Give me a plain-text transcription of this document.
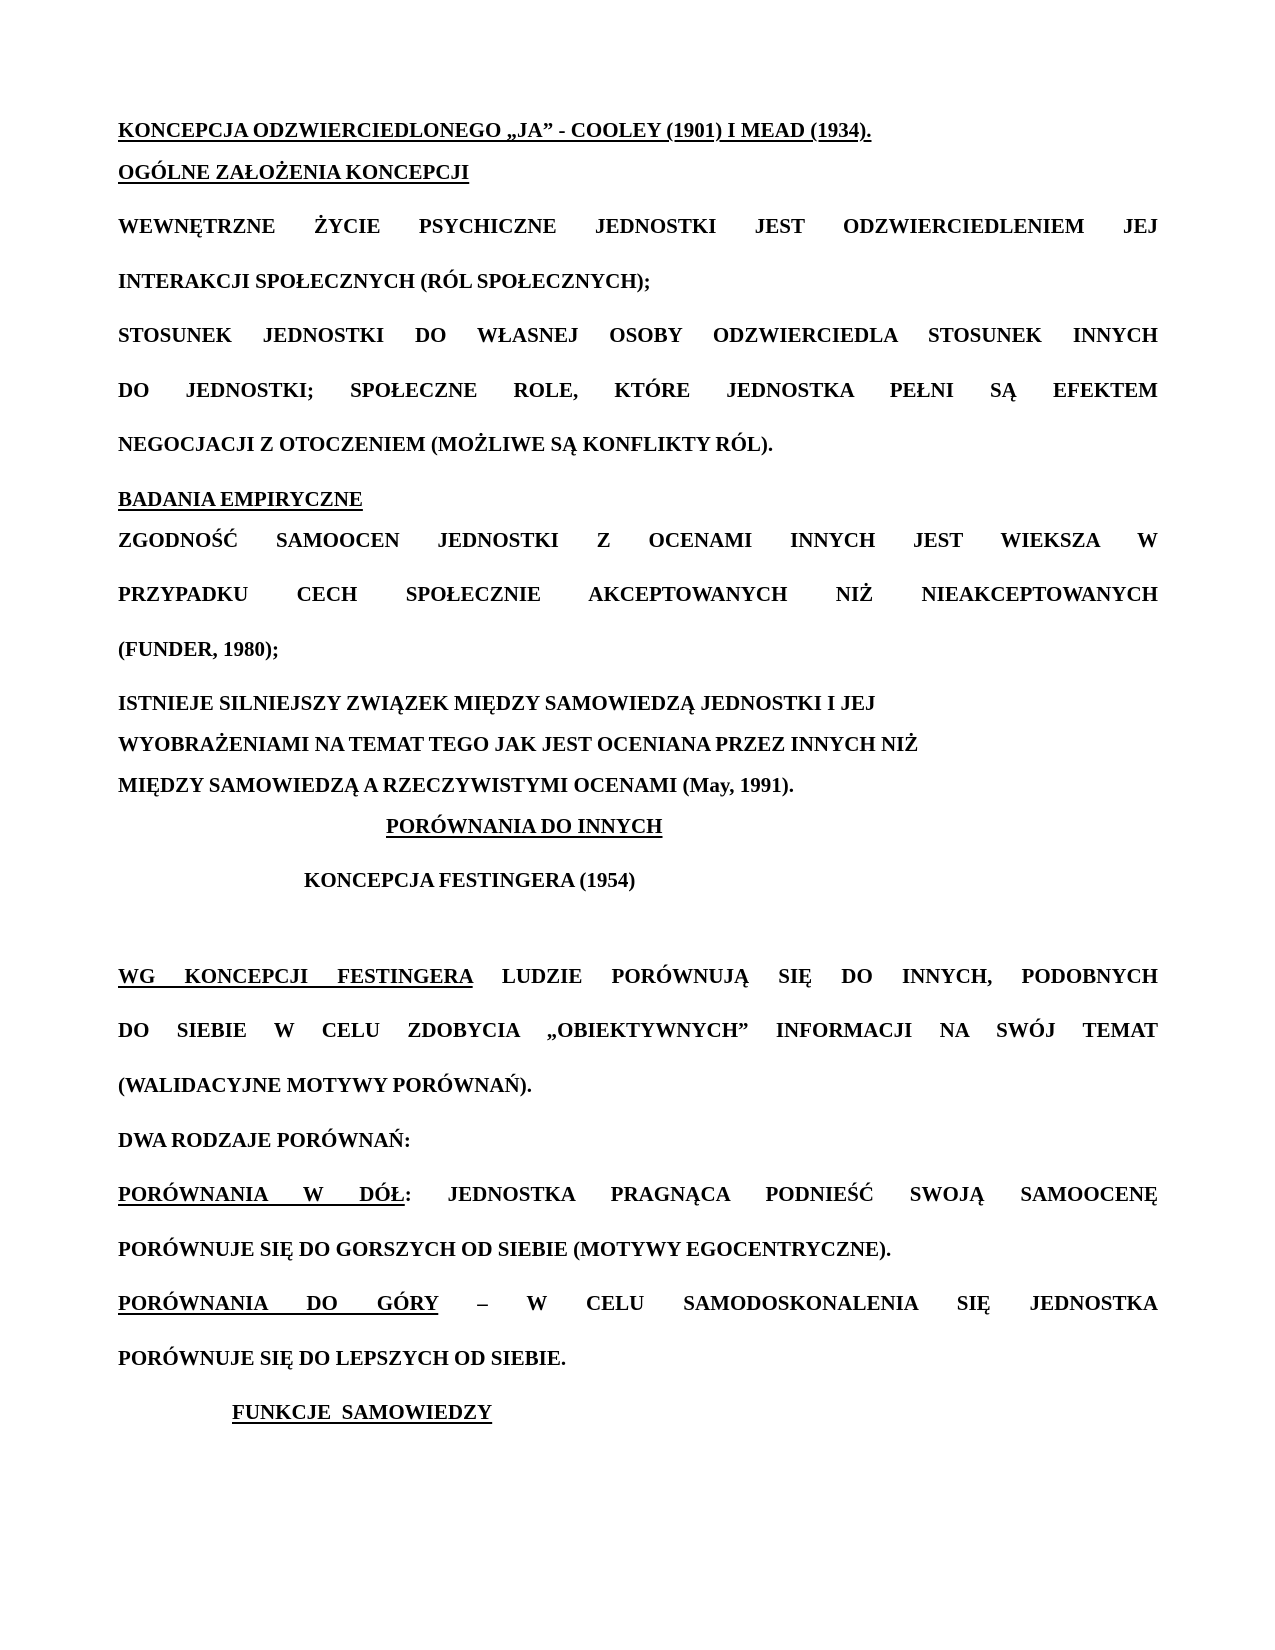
KONCEPCJA ODZWIERCIEDLONEGO „JA” - COOLEY (1901) I MEAD (1934).
OGÓLNE ZAŁOŻENIA KONCEPCJI
WEWNĘTRZNE ŻYCIE PSYCHICZNE JEDNOSTKI JEST ODZWIERCIEDLENIEM JEJ
INTERAKCJI SPOŁECZNYCH (RÓL SPOŁECZNYCH);
STOSUNEK JEDNOSTKI DO WŁASNEJ OSOBY ODZWIERCIEDLA STOSUNEK INNYCH
DO JEDNOSTKI; SPOŁECZNE ROLE, KTÓRE JEDNOSTKA PEŁNI SĄ EFEKTEM
NEGOCJACJI Z OTOCZENIEM (MOŻLIWE SĄ KONFLIKTY RÓL).
BADANIA EMPIRYCZNE
ZGODNOŚĆ SAMOOCEN JEDNOSTKI Z OCENAMI INNYCH JEST WIEKSZA W
PRZYPADKU CECH SPOŁECZNIE AKCEPTOWANYCH NIŻ NIEAKCEPTOWANYCH
(FUNDER, 1980);
ISTNIEJE SILNIEJSZY ZWIĄZEK MIĘDZY SAMOWIEDZĄ JEDNOSTKI I JEJ
WYOBRAŻENIAMI NA TEMAT TEGO JAK JEST OCENIANA PRZEZ INNYCH NIŻ
MIĘDZY SAMOWIEDZĄ A RZECZYWISTYMI OCENAMI (May, 1991).
PORÓWNANIA DO INNYCH
KONCEPCJA FESTINGERA (1954)
WG KONCEPCJI FESTINGERA LUDZIE PORÓWNUJĄ SIĘ DO INNYCH, PODOBNYCH
DO SIEBIE W CELU ZDOBYCIA „OBIEKTYWNYCH” INFORMACJI NA SWÓJ TEMAT
(WALIDACYJNE MOTYWY PORÓWNAŃ).
DWA RODZAJE PORÓWNAŃ:
PORÓWNANIA W DÓŁ: JEDNOSTKA PRAGNĄCA PODNIEŚĆ SWOJĄ SAMOOCENĘ
PORÓWNUJE SIĘ DO GORSZYCH OD SIEBIE (MOTYWY EGOCENTRYCZNE).
PORÓWNANIA DO GÓRY – W CELU SAMODOSKONALENIA SIĘ JEDNOSTKA
PORÓWNUJE SIĘ DO LEPSZYCH OD SIEBIE.
FUNKCJE  SAMOWIEDZY
